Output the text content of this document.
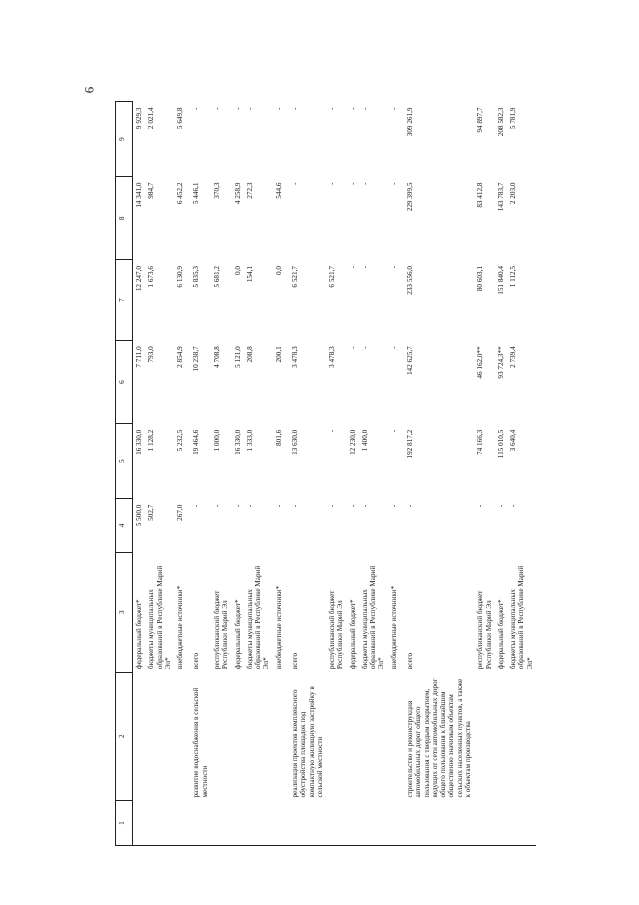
6
1	2	3	4	5	6	7	8	9
		федеральный бюджет*	5 500,0	16 330,0	7 711,0	12 247,0	14 341,0	9 929,3
		бюджеты муниципальных образований в Республике Марий Эл*	502,7	1 128,2	793,0	1 673,6	984,7	2 021,4
		внебюджетные источники*	267,0	5 232,5	2 854,9	6 130,9	6 452,2	5 649,8
	развитие водоснабжения в сельской местности	всего	-	19 464,6	10 238,7	5 835,3	5 446,1	-
		республиканский бюджет Республики Марий Эл	-	1 000,0	4 708,8	5 681,2	370,3	-
		федеральный бюджет*	-	16 330,0	5 121,0	0,0	4 258,9	-
		бюджеты муниципальных образований в Республике Марий Эл*	-	1 333,0	208,8	154,1	272,3	-
		внебюджетные источники*	-	801,6	200,1	0,0	544,6	-
	реализация проектов комплексного обустройства площадок под компактную жилищную застройку в сельской местности	всего	-	13 630,0	3 478,3	6 521,7	-	-
		республиканский бюджет Республики Марий Эл	-	-	3 478,3	6 521,7	-	-
		федеральный бюджет*	-	12 230,0	-	-	-	-
		бюджеты муниципальных образований в Республике Марий Эл*	-	1 400,0	-	-	-	-
		внебюджетные источники*	-	-	-	-	-	-
	строительство и реконструкция автомобильных дорог общего пользования с твердым покрытием, ведущих от сети автомобильных дорог общего пользования к ближайшим общественно значимым объектам сельских населенных пунктов, а также к объектам производства	всего	-	192 817,2	142 625,7	233 556,0	229 399,5	309 261,9
		республиканский бюджет Республики Марий Эл	-	74 166,3	46 162,0**	80 603,1	83 412,8	94 897,7
		федеральный бюджет*	-	115 010,5	93 724,3**	151 840,4	143 783,7	208 582,3
		бюджеты муниципальных образований в Республике Марий Эл*	-	3 640,4	2 739,4	1 112,5	2 203,0	5 781,9
